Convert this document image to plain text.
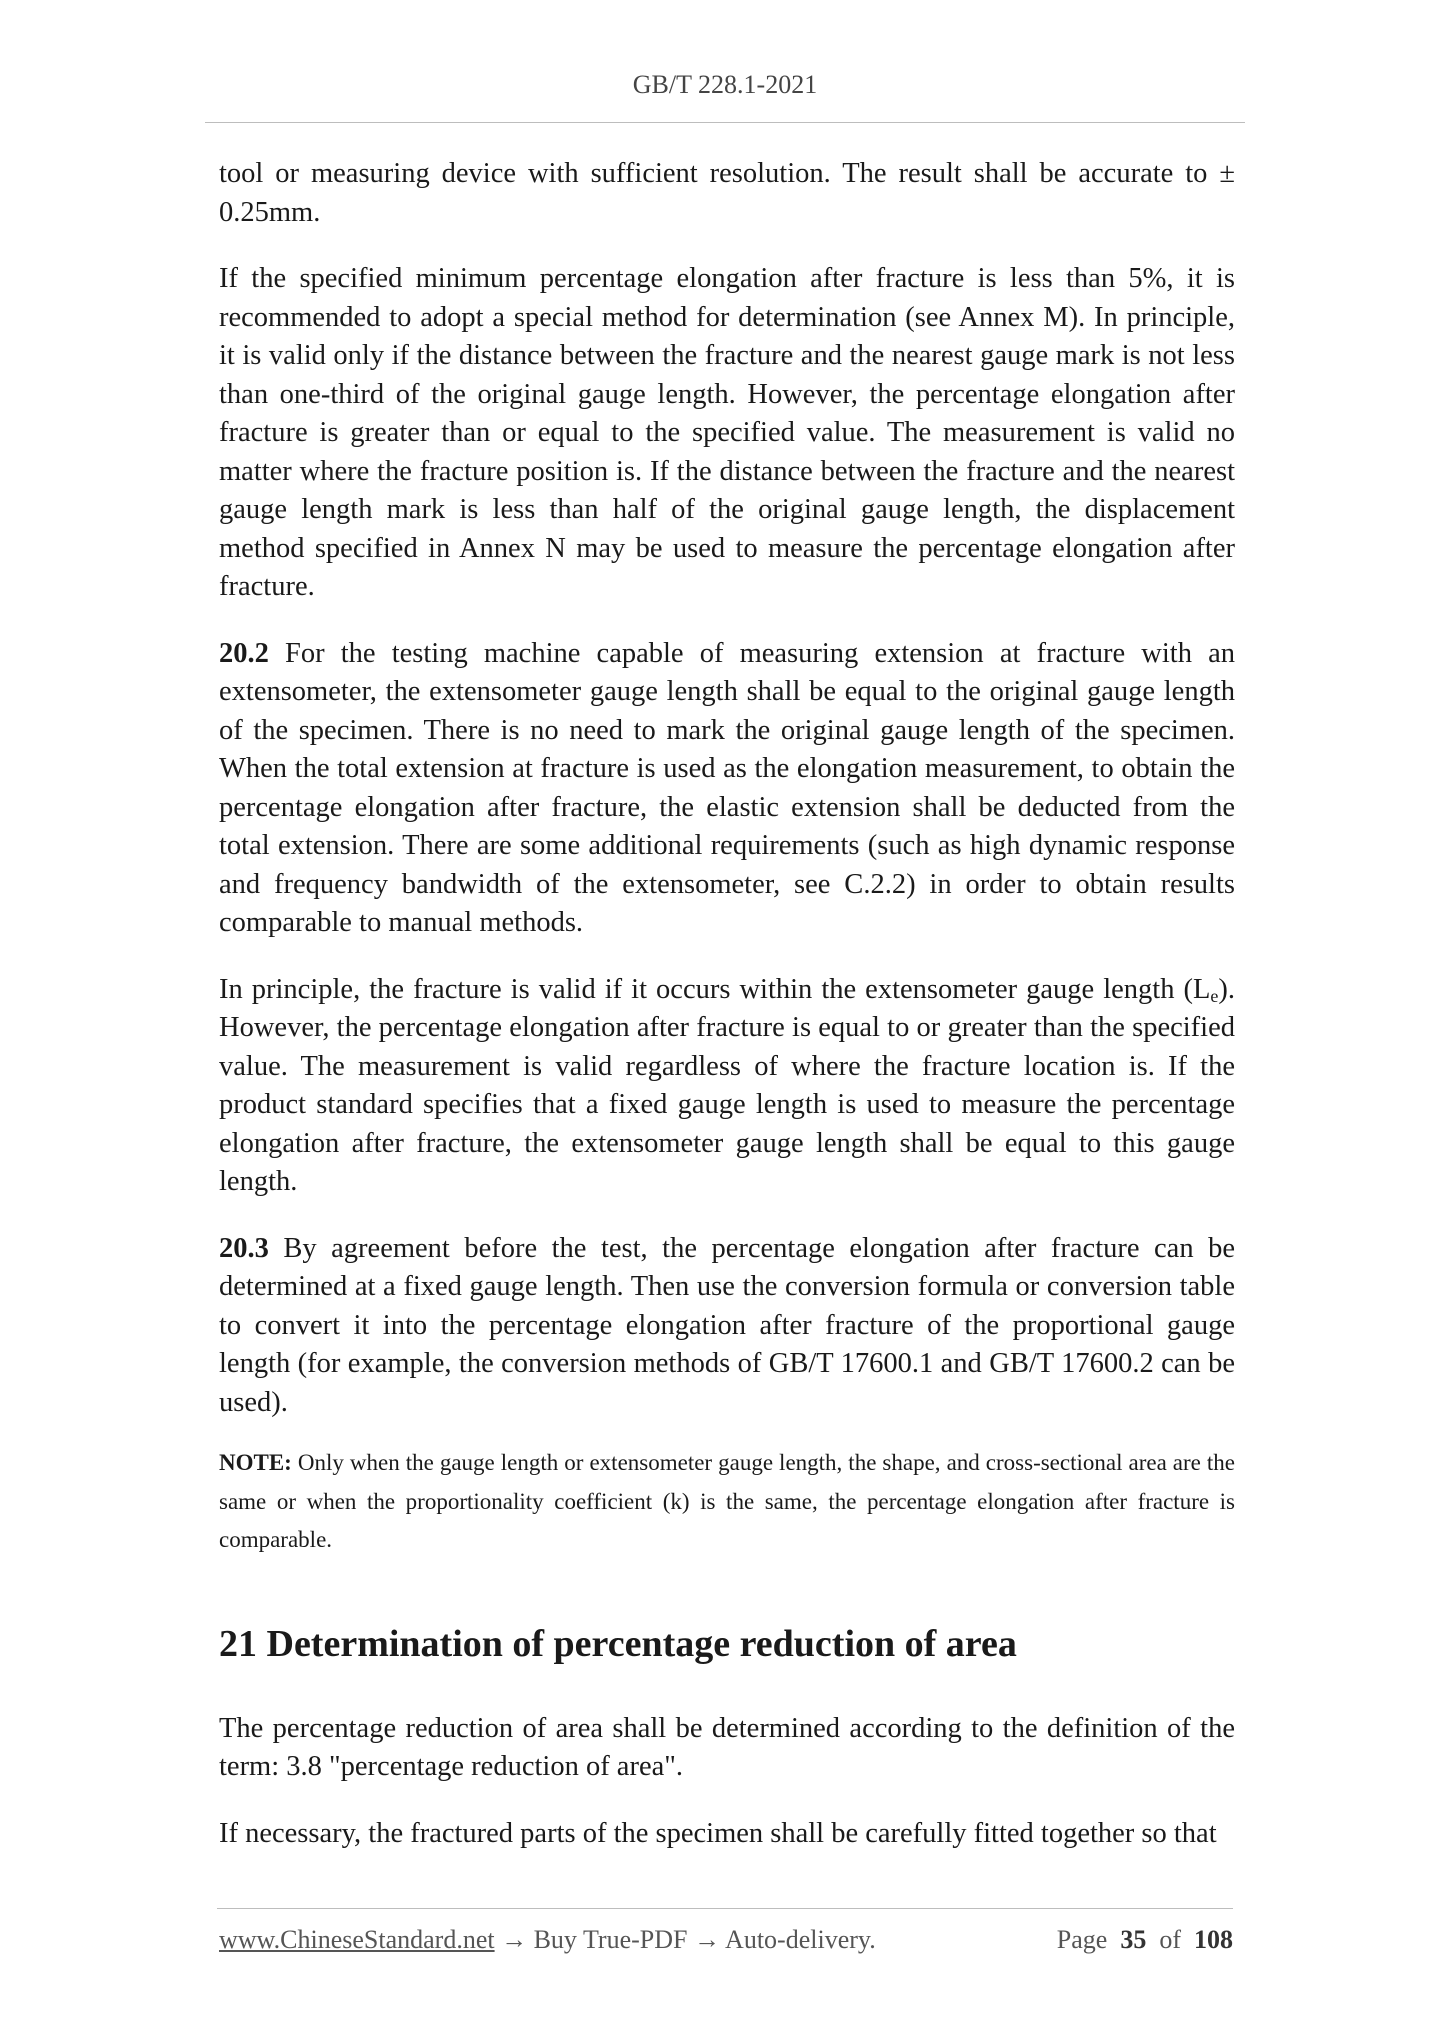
GB/T 228.1-2021

tool or measuring device with sufficient resolution. The result shall be accurate to ± 0.25mm.

If the specified minimum percentage elongation after fracture is less than 5%, it is recommended to adopt a special method for determination (see Annex M). In principle, it is valid only if the distance between the fracture and the nearest gauge mark is not less than one-third of the original gauge length. However, the percentage elongation after fracture is greater than or equal to the specified value. The measurement is valid no matter where the fracture position is. If the distance between the fracture and the nearest gauge length mark is less than half of the original gauge length, the displacement method specified in Annex N may be used to measure the percentage elongation after fracture.

20.2 For the testing machine capable of measuring extension at fracture with an extensometer, the extensometer gauge length shall be equal to the original gauge length of the specimen. There is no need to mark the original gauge length of the specimen. When the total extension at fracture is used as the elongation measurement, to obtain the percentage elongation after fracture, the elastic extension shall be deducted from the total extension. There are some additional requirements (such as high dynamic response and frequency bandwidth of the extensometer, see C.2.2) in order to obtain results comparable to manual methods.

In principle, the fracture is valid if it occurs within the extensometer gauge length $(L_e)$. However, the percentage elongation after fracture is equal to or greater than the specified value. The measurement is valid regardless of where the fracture location is. If the product standard specifies that a fixed gauge length is used to measure the percentage elongation after fracture, the extensometer gauge length shall be equal to this gauge length.

20.3 By agreement before the test, the percentage elongation after fracture can be determined at a fixed gauge length. Then use the conversion formula or conversion table to convert it into the percentage elongation after fracture of the proportional gauge length (for example, the conversion methods of GB/T 17600.1 and GB/T 17600.2 can be used).

NOTE: Only when the gauge length or extensometer gauge length, the shape, and cross-sectional area are the same or when the proportionality coefficient (k) is the same, the percentage elongation after fracture is comparable.

21 Determination of percentage reduction of area

The percentage reduction of area shall be determined according to the definition of the term: 3.8 "percentage reduction of area".

If necessary, the fractured parts of the specimen shall be carefully fitted together so that

www.ChineseStandard.net → Buy True-PDF → Auto-delivery.	Page 35 of 108
